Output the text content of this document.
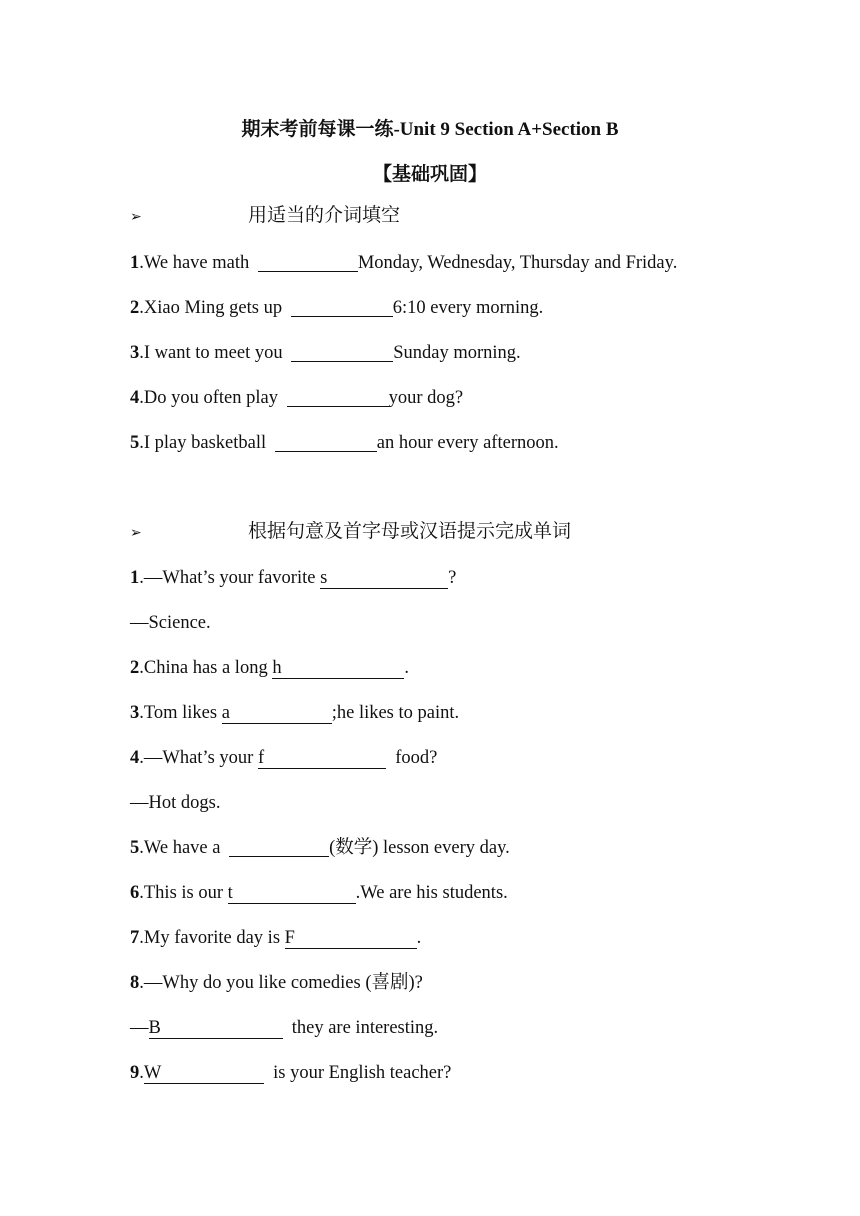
期末考前每课一练-Unit 9 Section A+Section B
【基础巩固】
➢	用适当的介词填空
1.We have math	Monday, Wednesday, Thursday and Friday.
2.Xiao Ming gets up	6:10 every morning.
3.I want to meet you	Sunday morning.
4.Do you often play	your dog?
5.I play basketball	an hour every afternoon.
➢	根据句意及首字母或汉语提示完成单词
1.—What’s your favorite s	?
—Science.
2.China has a long h	.
3.Tom likes a	;he likes to paint.
4.—What’s your f	food?
—Hot dogs.
5.We have a	(数学) lesson every day.
6.This is our t	.We are his students.
7.My favorite day is F	.
8.—Why do you like comedies (喜剧)?
—B	they are interesting.
9.W	is your English teacher?
